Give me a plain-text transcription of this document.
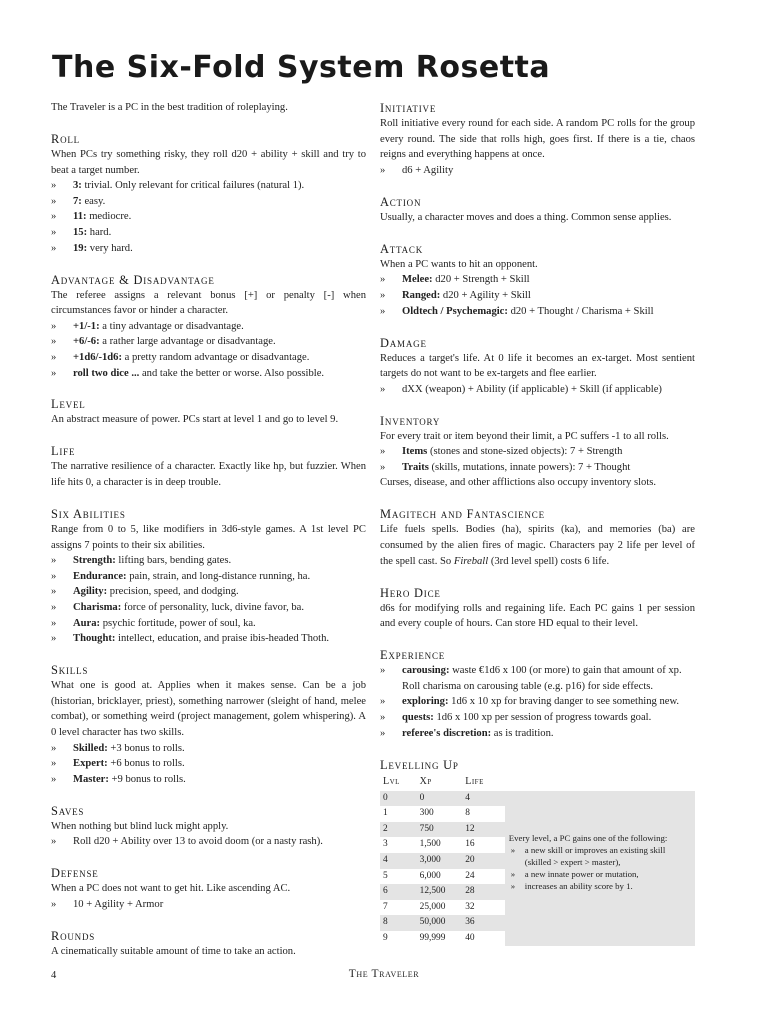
The Six-Fold System Rosetta

The Traveler is a PC in the best tradition of roleplaying.

Roll

When PCs try something risky, they roll d20 + ability + skill and try to beat a target number.

» 3: trivial. Only relevant for critical failures (natural 1).
» 7: easy.
» 11: mediocre.
» 15: hard.
» 19: very hard.
Advantage & Disadvantage

The referee assigns a relevant bonus [+] or penalty [-] when circumstances favor or hinder a character.

» +1/-1: a tiny advantage or disadvantage.
» +6/-6: a rather large advantage or disadvantage.
» +1d6/-1d6: a pretty random advantage or disadvantage.
» roll two dice ... and take the better or worse. Also possible.
Level

An abstract measure of power. PCs start at level 1 and go to level 9.

Life

The narrative resilience of a character. Exactly like hp, but fuzzier. When life hits 0, a character is in deep trouble.

Six Abilities

Range from 0 to 5, like modifiers in 3d6-style games. A 1st level PC assigns 7 points to their six abilities.

» Strength: lifting bars, bending gates.
» Endurance: pain, strain, and long-distance running, ha.
» Agility: precision, speed, and dodging.
» Charisma: force of personality, luck, divine favor, ba.
» Aura: psychic fortitude, power of soul, ka.
» Thought: intellect, education, and praise ibis-headed Thoth.
Skills

What one is good at. Applies when it makes sense. Can be a job (historian, bricklayer, priest), something narrower (sleight of hand, melee combat), or something weird (project management, golem whispering). A 0 level character has two skills.

» Skilled: +3 bonus to rolls.
» Expert: +6 bonus to rolls.
» Master: +9 bonus to rolls.
Saves

When nothing but blind luck might apply.

» Roll d20 + Ability over 13 to avoid doom (or a nasty rash).
Defense

When a PC does not want to get hit. Like ascending AC.

» 10 + Agility + Armor
Rounds

A cinematically suitable amount of time to take an action.

Initiative

Roll initiative every round for each side. A random PC rolls for the group every round. The side that rolls high, goes first. If there is a tie, chaos reigns and everything happens at once.

» d6 + Agility
Action

Usually, a character moves and does a thing. Common sense applies.

Attack

When a PC wants to hit an opponent.

» Melee: d20 + Strength + Skill
» Ranged: d20 + Agility + Skill
» Oldtech / Psychemagic: d20 + Thought / Charisma + Skill
Damage

Reduces a target's life. At 0 life it becomes an ex-target. Most sentient targets do not want to be ex-targets and flee earlier.

» dXX (weapon) + Ability (if applicable) + Skill (if applicable)
Inventory

For every trait or item beyond their limit, a PC suffers -1 to all rolls.

» Items (stones and stone-sized objects): 7 + Strength
» Traits (skills, mutations, innate powers): 7 + Thought

Curses, disease, and other afflictions also occupy inventory slots.

Magitech and Fantascience

Life fuels spells. Bodies (ha), spirits (ka), and memories (ba) are consumed by the alien fires of magic. Characters pay 2 life per level of the spell cast. So Fireball (3rd level spell) costs 6 life.

Hero Dice

d6s for modifying rolls and regaining life. Each PC gains 1 per session and every couple of hours. Can store HD equal to their level.

Experience
» carousing: waste €1d6 x 100 (or more) to gain that amount of xp. Roll charisma on carousing table (e.g. p16) for side effects.
» exploring: 1d6 x 10 xp for braving danger to see something new.
» quests: 1d6 x 100 xp per session of progress towards goal.
» referee's discretion: as is tradition.
Levelling Up
Lvl	Xp	Life
0	0	4
1	300	8
2	750	12
3	1,500	16
4	3,000	20
5	6,000	24
6	12,500	28
7	25,000	32
8	50,000	36
9	99,999	40
Every level, a PC gains one of the following:
» a new skill or improves an existing skill (skilled > expert > master),
» a new innate power or mutation,
» increases an ability score by 1.
4	The Traveler
